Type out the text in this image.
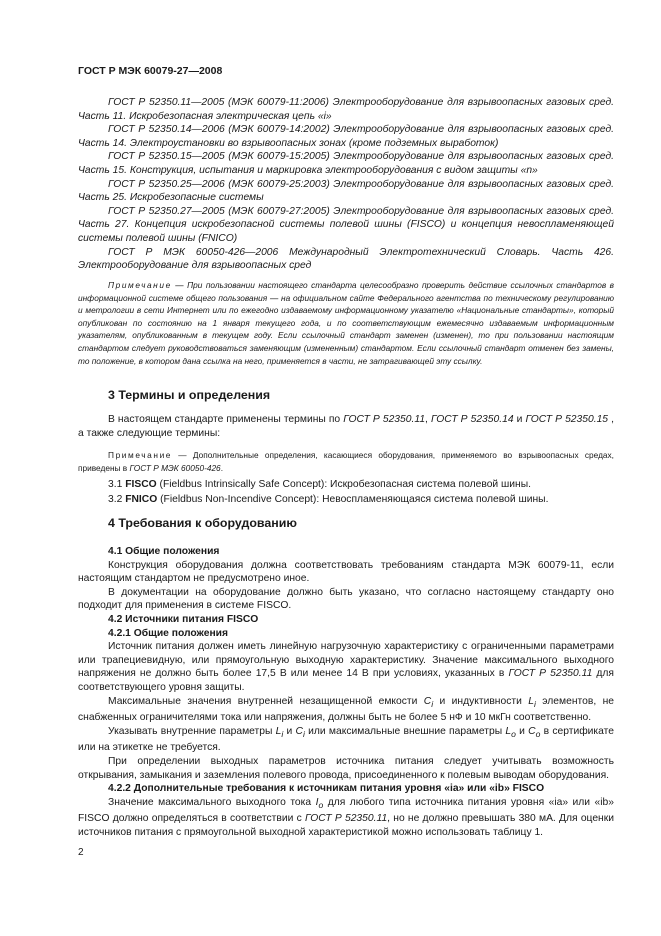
ГОСТ Р МЭК 60079-27—2008

ГОСТ Р 52350.11—2005 (МЭК 60079-11:2006) Электрооборудование для взрывоопасных газовых сред. Часть 11. Искробезопасная электрическая цепь «i»

ГОСТ Р 52350.14—2006 (МЭК 60079-14:2002) Электрооборудование для взрывоопасных газовых сред. Часть 14. Электроустановки во взрывоопасных зонах (кроме подземных выработок)

ГОСТ Р 52350.15—2005 (МЭК 60079-15:2005) Электрооборудование для взрывоопасных газовых сред. Часть 15. Конструкция, испытания и маркировка электрооборудования с видом защиты «n»

ГОСТ Р 52350.25—2006 (МЭК 60079-25:2003) Электрооборудование для взрывоопасных газовых сред. Часть 25. Искробезопасные системы

ГОСТ Р 52350.27—2005 (МЭК 60079-27:2005) Электрооборудование для взрывоопасных газовых сред. Часть 27. Концепция искробезопасной системы полевой шины (FISCO) и концепция невоспламеняющей системы полевой шины (FNICO)

ГОСТ Р МЭК 60050-426—2006 Международный Электротехнический Словарь. Часть 426. Электрооборудование для взрывоопасных сред

Примечание — При пользовании настоящего стандарта целесообразно проверить действие ссылочных стандартов в информационной системе общего пользования — на официальном сайте Федерального агентства по техническому регулированию и метрологии в сети Интернет или по ежегодно издаваемому информационному указателю «Национальные стандарты», который опубликован по состоянию на 1 января текущего года, и по соответствующим ежемесячно издаваемым информационным указателям, опубликованным в текущем году. Если ссылочный стандарт заменен (изменен), то при пользовании настоящим стандартом следует руководствоваться заменяющим (измененным) стандартом. Если ссылочный стандарт отменен без замены, то положение, в котором дана ссылка на него, применяется в части, не затрагивающей эту ссылку.

3 Термины и определения

В настоящем стандарте применены термины по ГОСТ Р 52350.11, ГОСТ Р 52350.14 и ГОСТ Р 52350.15 , а также следующие термины:

Примечание — Дополнительные определения, касающиеся оборудования, применяемого во взрывоопасных средах, приведены в ГОСТ Р МЭК 60050-426.

3.1 FISCO (Fieldbus Intrinsically Safe Concept): Искробезопасная система полевой шины.

3.2 FNICO (Fieldbus Non-Incendive Concept): Невоспламеняющаяся система полевой шины.

4 Требования к оборудованию

4.1 Общие положения

Конструкция оборудования должна соответствовать требованиям стандарта МЭК 60079-11, если настоящим стандартом не предусмотрено иное.

В документации на оборудование должно быть указано, что согласно настоящему стандарту оно подходит для применения в системе FISCO.

4.2 Источники питания FISCO

4.2.1 Общие положения

Источник питания должен иметь линейную нагрузочную характеристику с ограниченными параметрами или трапециевидную, или прямоугольную выходную характеристику. Значение максимального выходного напряжения не должно быть более 17,5 В или менее 14 В при условиях, указанных в ГОСТ Р 52350.11 для соответствующего уровня защиты.

Максимальные значения внутренней незащищенной емкости $C_i$ и индуктивности $L_i$ элементов, не снабженных ограничителями тока или напряжения, должны быть не более 5 нФ и 10 мкГн соответственно.

Указывать внутренние параметры $L_i$ и $C_i$ или максимальные внешние параметры $L_o$ и $C_o$ в сертификате или на этикетке не требуется.

При определении выходных параметров источника питания следует учитывать возможность открывания, замыкания и заземления полевого провода, присоединенного к полевым выводам оборудования.

4.2.2 Дополнительные требования к источникам питания уровня «ia» или «ib» FISCO

Значение максимального выходного тока $I_o$ для любого типа источника питания уровня «ia» или «ib» FISCO должно определяться в соответствии с ГОСТ Р 52350.11, но не должно превышать 380 мА. Для оценки источников питания с прямоугольной выходной характеристикой можно использовать таблицу 1.

2
